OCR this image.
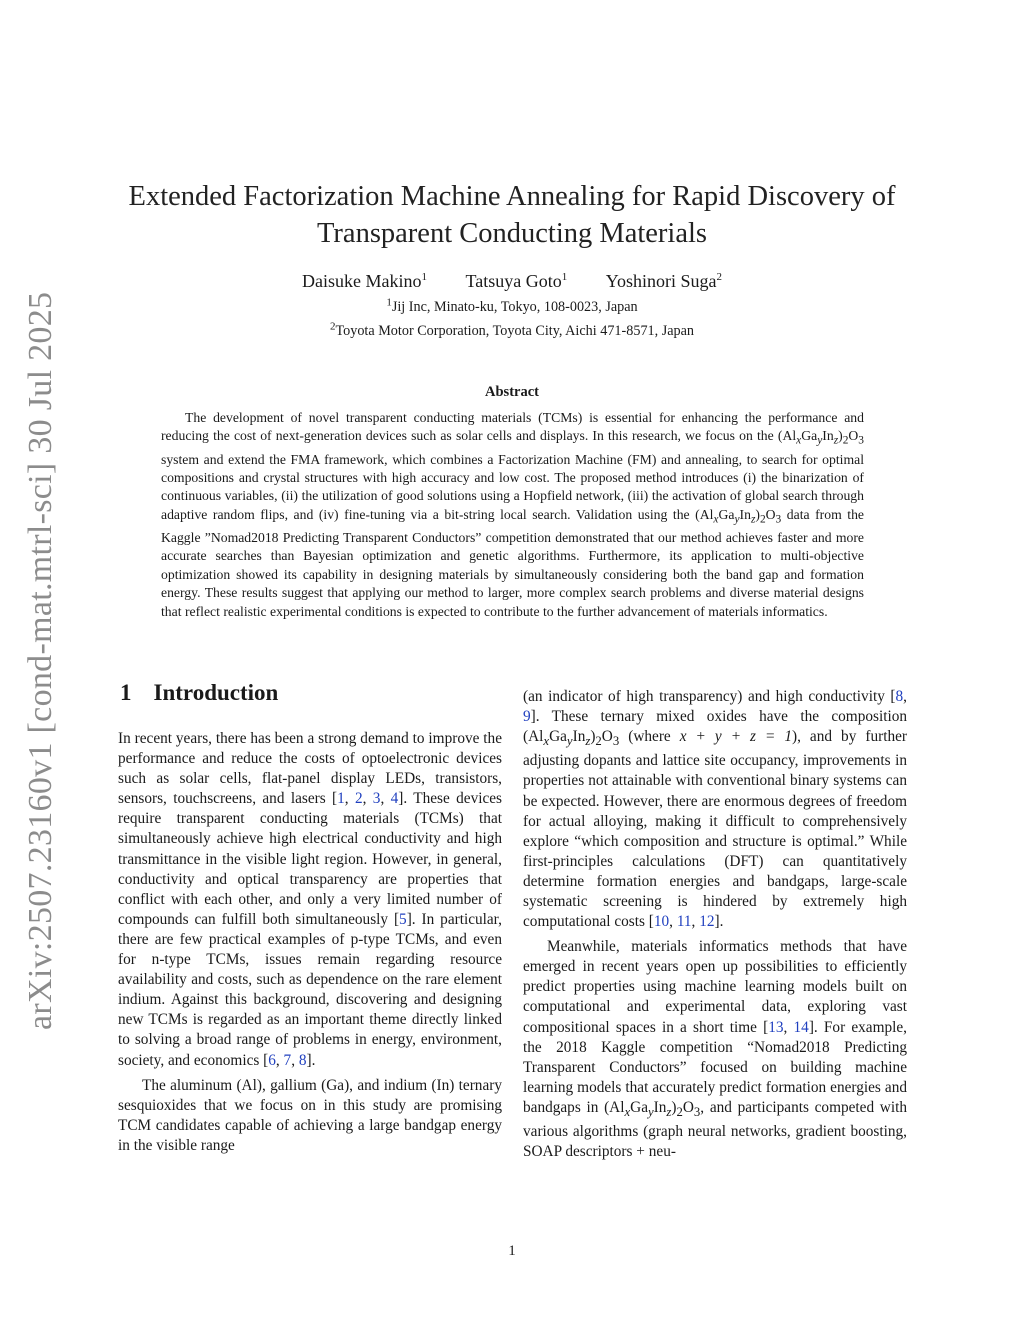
arXiv:2507.23160v1 [cond-mat.mtrl-sci] 30 Jul 2025
Extended Factorization Machine Annealing for Rapid Discovery of
Transparent Conducting Materials
Daisuke Makino$^1$ Tatsuya Goto$^1$ Yoshinori Suga$^2$
$^1$Jij Inc, Minato-ku, Tokyo, 108-0023, Japan
$^2$Toyota Motor Corporation, Toyota City, Aichi 471-8571, Japan
Abstract
The development of novel transparent conducting materials (TCMs) is essential for enhancing the performance and reducing the cost of next-generation devices such as solar cells and displays. In this research, we focus on the $(Al_xGa_yIn_z)_2O_3$ system and extend the FMA framework, which combines a Factorization Machine (FM) and annealing, to search for optimal compositions and crystal structures with high accuracy and low cost. The proposed method introduces (i) the binarization of continuous variables, (ii) the utilization of good solutions using a Hopfield network, (iii) the activation of global search through adaptive random flips, and (iv) fine-tuning via a bit-string local search. Validation using the $(Al_xGa_yIn_z)_2O_3$ data from the Kaggle ”Nomad2018 Predicting Transparent Conductors” competition demonstrated that our method achieves faster and more accurate searches than Bayesian optimization and genetic algorithms. Furthermore, its application to multi-objective optimization showed its capability in designing materials by simultaneously considering both the band gap and formation energy. These results suggest that applying our method to larger, more complex search problems and diverse material designs that reflect realistic experimental conditions is expected to contribute to the further advancement of materials informatics.
1 Introduction

In recent years, there has been a strong demand to improve the performance and reduce the costs of optoelectronic devices such as solar cells, flat-panel display LEDs, transistors, sensors, touchscreens, and lasers [1, 2, 3, 4]. These devices require transparent conducting materials (TCMs) that simultaneously achieve high electrical conductivity and high transmittance in the visible light region. However, in general, conductivity and optical transparency are properties that conflict with each other, and only a very limited number of compounds can fulfill both simultaneously [5]. In particular, there are few practical examples of p-type TCMs, and even for n-type TCMs, issues remain regarding resource availability and costs, such as dependence on the rare element indium. Against this background, discovering and designing new TCMs is regarded as an important theme directly linked to solving a broad range of problems in energy, environment, society, and economics [6, 7, 8].

The aluminum (Al), gallium (Ga), and indium (In) ternary sesquioxides that we focus on in this study are promising TCM candidates capable of achieving a large bandgap energy in the visible range

(an indicator of high transparency) and high conductivity [8, 9]. These ternary mixed oxides have the composition $(Al_xGa_yIn_z)_2O_3$ (where x + y + z = 1), and by further adjusting dopants and lattice site occupancy, improvements in properties not attainable with conventional binary systems can be expected. However, there are enormous degrees of freedom for actual alloying, making it difficult to comprehensively explore “which composition and structure is optimal.” While first-principles calculations (DFT) can quantitatively determine formation energies and bandgaps, large-scale systematic screening is hindered by extremely high computational costs [10, 11, 12].

Meanwhile, materials informatics methods that have emerged in recent years open up possibilities to efficiently predict properties using machine learning models built on computational and experimental data, exploring vast compositional spaces in a short time [13, 14]. For example, the 2018 Kaggle competition “Nomad2018 Predicting Transparent Conductors” focused on building machine learning models that accurately predict formation energies and bandgaps in $(Al_xGa_yIn_z)_2O_3$, and participants competed with various algorithms (graph neural networks, gradient boosting, SOAP descriptors + neu-

1
